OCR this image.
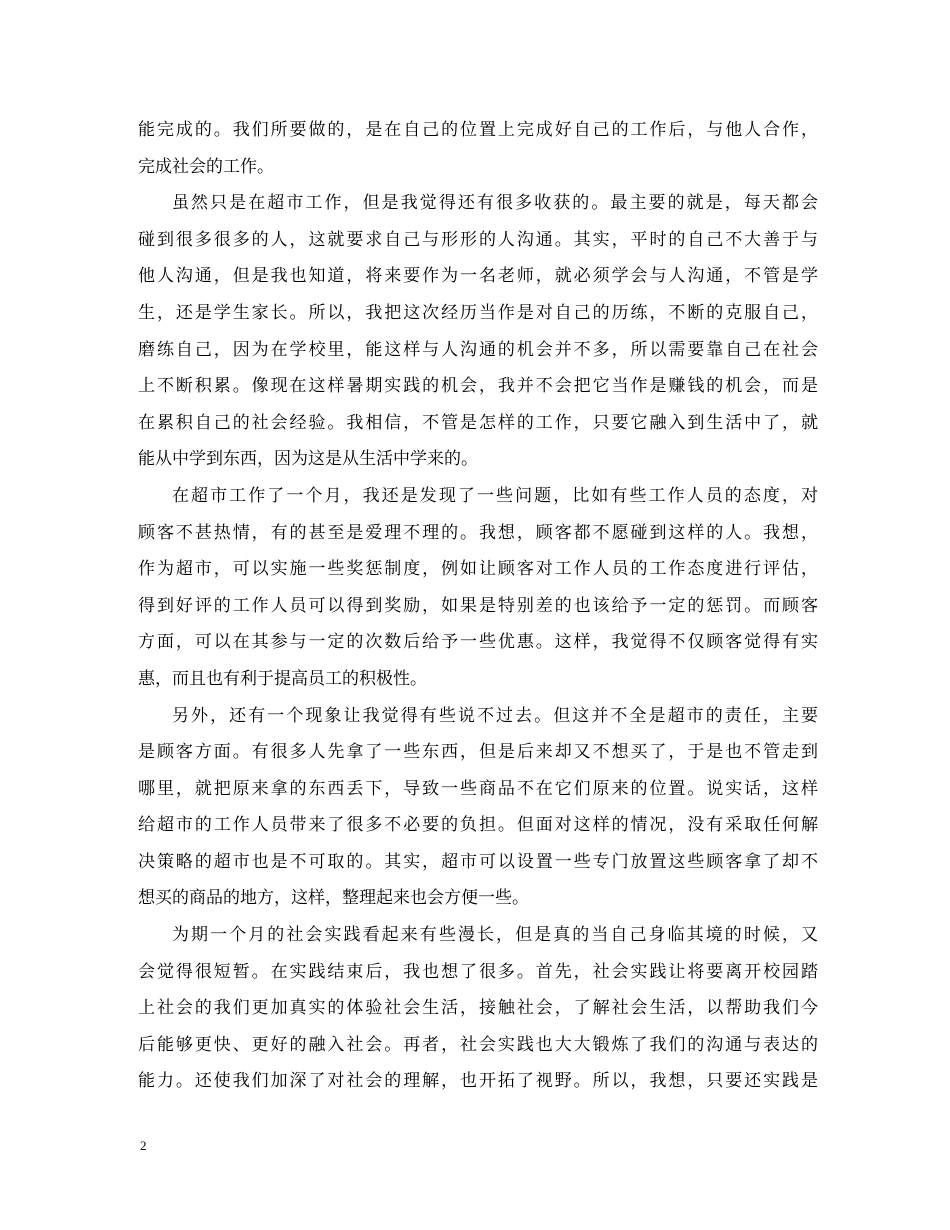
能完成的。我们所要做的，是在自己的位置上完成好自己的工作后，与他人合作，
完成社会的工作。
虽然只是在超市工作，但是我觉得还有很多收获的。最主要的就是，每天都会
碰到很多很多的人，这就要求自己与形形的人沟通。其实，平时的自己不大善于与
他人沟通，但是我也知道，将来要作为一名老师，就必须学会与人沟通，不管是学
生，还是学生家长。所以，我把这次经历当作是对自己的历练，不断的克服自己，
磨练自己，因为在学校里，能这样与人沟通的机会并不多，所以需要靠自己在社会
上不断积累。像现在这样暑期实践的机会，我并不会把它当作是赚钱的机会，而是
在累积自己的社会经验。我相信，不管是怎样的工作，只要它融入到生活中了，就
能从中学到东西，因为这是从生活中学来的。
在超市工作了一个月，我还是发现了一些问题，比如有些工作人员的态度，对
顾客不甚热情，有的甚至是爱理不理的。我想，顾客都不愿碰到这样的人。我想，
作为超市，可以实施一些奖惩制度，例如让顾客对工作人员的工作态度进行评估，
得到好评的工作人员可以得到奖励，如果是特别差的也该给予一定的惩罚。而顾客
方面，可以在其参与一定的次数后给予一些优惠。这样，我觉得不仅顾客觉得有实
惠，而且也有利于提高员工的积极性。
另外，还有一个现象让我觉得有些说不过去。但这并不全是超市的责任，主要
是顾客方面。有很多人先拿了一些东西，但是后来却又不想买了，于是也不管走到
哪里，就把原来拿的东西丢下，导致一些商品不在它们原来的位置。说实话，这样
给超市的工作人员带来了很多不必要的负担。但面对这样的情况，没有采取任何解
决策略的超市也是不可取的。其实，超市可以设置一些专门放置这些顾客拿了却不
想买的商品的地方，这样，整理起来也会方便一些。
为期一个月的社会实践看起来有些漫长，但是真的当自己身临其境的时候，又
会觉得很短暂。在实践结束后，我也想了很多。首先，社会实践让将要离开校园踏
上社会的我们更加真实的体验社会生活，接触社会，了解社会生活，以帮助我们今
后能够更快、更好的融入社会。再者，社会实践也大大锻炼了我们的沟通与表达的
能力。还使我们加深了对社会的理解，也开拓了视野。所以，我想，只要还实践是
2
